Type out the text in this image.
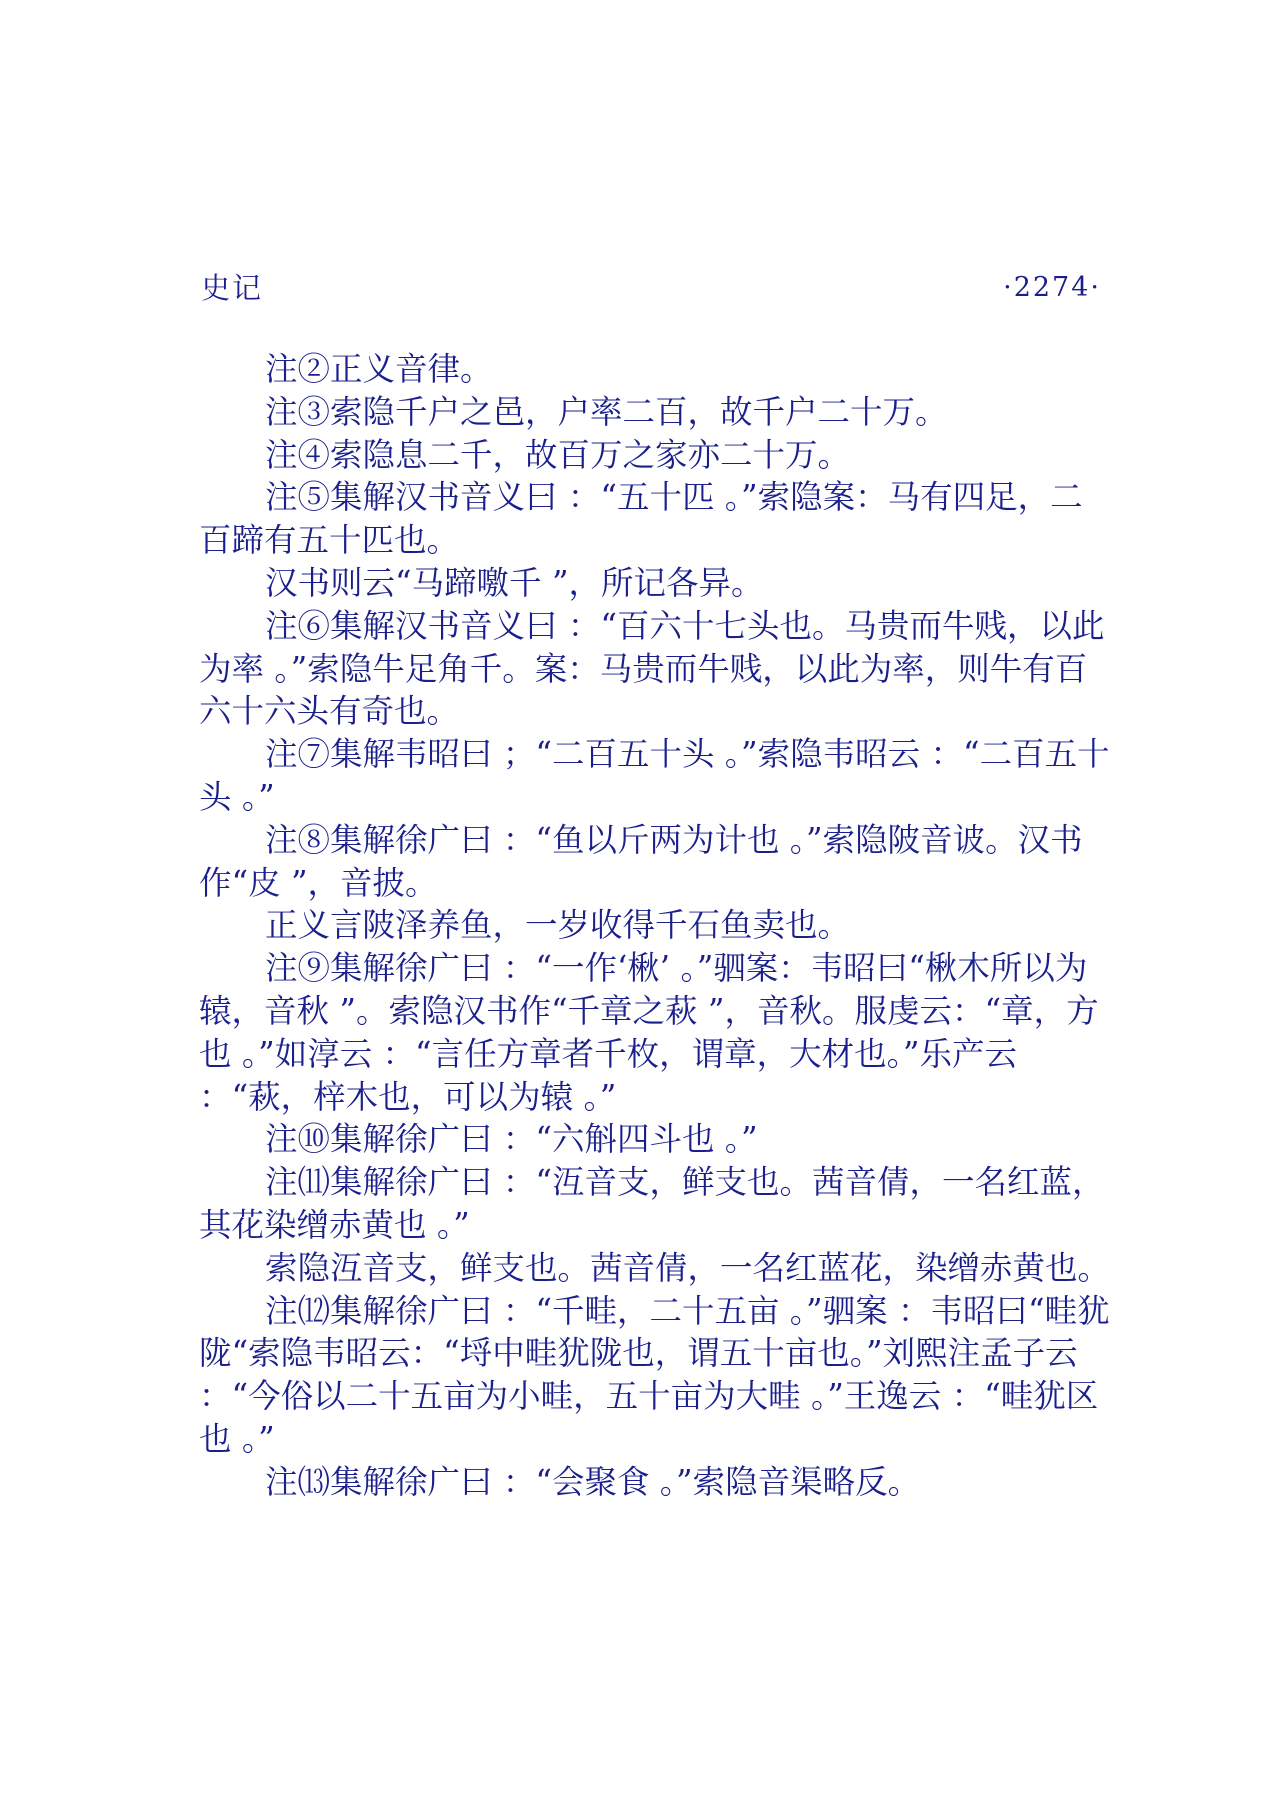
史记	·2274·

注②正义音律。

注③索隐千户之邑，户率二百，故千户二十万。

注④索隐息二千，故百万之家亦二十万。

注⑤集解汉书音义曰 ：“五十匹 。”索隐案：马有四足，二百蹄有五十匹也。

汉书则云“马蹄噭千 ”，所记各异。

注⑥集解汉书音义曰 ：“百六十七头也。马贵而牛贱，以此为率 。”索隐牛足角千。案：马贵而牛贱，以此为率，则牛有百六十六头有奇也。

注⑦集解韦昭曰 ；“二百五十头 。”索隐韦昭云 ：“二百五十头 。”

注⑧集解徐广曰 ：“鱼以斤两为计也 。”索隐陂音诐。汉书作“皮 ”，音披。

正义言陂泽养鱼，一岁收得千石鱼卖也。

注⑨集解徐广曰 ：“一作‘楸’ 。”驷案：韦昭曰“楸木所以为辕，音秋 ”。索隐汉书作“千章之萩 ”，音秋。服虔云：“章，方也 。”如淳云 ：“言任方章者千枚，谓章，大材也。”乐产云 ：“萩，梓木也，可以为辕 。”

注⑩集解徐广曰 ：“六斛四斗也 。”

注⑾集解徐广曰 ：“沍音支，鲜支也。茜音倩，一名红蓝，其花染缯赤黄也 。”

索隐沍音支，鲜支也。茜音倩，一名红蓝花，染缯赤黄也。

注⑿集解徐广曰 ：“千畦，二十五亩 。”驷案 ：韦昭曰“畦犹陇“索隐韦昭云：“埒中畦犹陇也，谓五十亩也。”刘熙注孟子云 ：“今俗以二十五亩为小畦，五十亩为大畦 。”王逸云 ：“畦犹区也 。”

注⒀集解徐广曰 ：“会聚食 。”索隐音渠略反。
